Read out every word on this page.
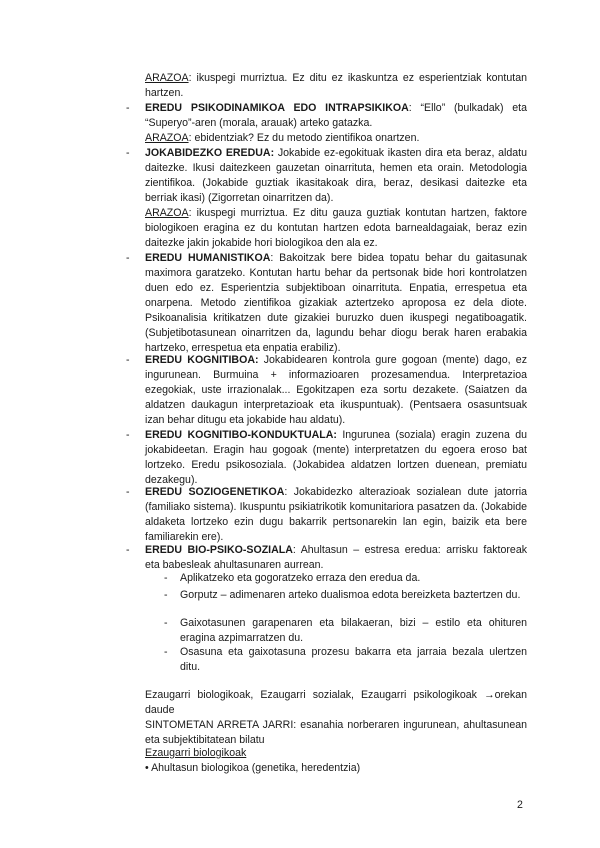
ARAZOA: ikuspegi murriztua. Ez ditu ez ikaskuntza ez esperientziak kontutan hartzen.

-	EREDU PSIKODINAMIKOA EDO INTRAPSIKIKOA: “Ello” (bulkadak) eta “Superyo”-aren (morala, arauak) arteko gatazka.

ARAZOA: ebidentziak? Ez du metodo zientifikoa onartzen.

-	JOKABIDEZKO EREDUA: Jokabide ez-egokituak ikasten dira eta beraz, aldatu daitezke. Ikusi daitezkeen gauzetan oinarrituta, hemen eta orain. Metodologia zientifikoa. (Jokabide guztiak ikasitakoak dira, beraz, desikasi daitezke eta berriak ikasi) (Zigorretan oinarritzen da).

ARAZOA: ikuspegi murriztua. Ez ditu gauza guztiak kontutan hartzen, faktore biologikoen eragina ez du kontutan hartzen edota barnealdagaiak, beraz ezin daitezke jakin jokabide hori biologikoa den ala ez.

-	EREDU HUMANISTIKOA: Bakoitzak bere bidea topatu behar du gaitasunak maximora garatzeko. Kontutan hartu behar da pertsonak bide hori kontrolatzen duen edo ez. Esperientzia subjektiboan oinarrituta. Enpatia, errespetua eta onarpena. Metodo zientifikoa gizakiak aztertzeko aproposa ez dela diote. Psikoanalisia kritikatzen dute gizakiei buruzko duen ikuspegi negatiboagatik. (Subjetibotasunean oinarritzen da, lagundu behar diogu berak haren erabakia hartzeko, errespetua eta enpatia erabiliz).

-	EREDU KOGNITIBOA: Jokabidearen kontrola gure gogoan (mente) dago, ez ingurunean. Burmuina + informazioaren prozesamendua. Interpretazioa ezegokiak, uste irrazionalak... Egokitzapen eza sortu dezakete. (Saiatzen da aldatzen daukagun interpretazioak eta ikuspuntuak). (Pentsaera osasuntsuak izan behar ditugu eta jokabide hau aldatu).

-	EREDU KOGNITIBO-KONDUKTUALA: Ingurunea (soziala) eragin zuzena du jokabideetan. Eragin hau gogoak (mente) interpretatzen du egoera eroso bat lortzeko. Eredu psikosoziala. (Jokabidea aldatzen lortzen duenean, premiatu dezakegu).

-	EREDU SOZIOGENETIKOA: Jokabidezko alterazioak sozialean dute jatorria (familiako sistema). Ikuspuntu psikiatrikotik komunitariora pasatzen da. (Jokabide aldaketa lortzeko ezin dugu bakarrik pertsonarekin lan egin, baizik eta bere familiarekin ere).

-	EREDU BIO-PSIKO-SOZIALA: Ahultasun – estresa eredua: arrisku faktoreak eta babesleak ahultasunaren aurrean.

-	Aplikatzeko eta gogoratzeko erraza den eredua da.

-	Gorputz – adimenaren arteko dualismoa edota bereizketa baztertzen du.

-	Gaixotasunen garapenaren eta bilakaeran, bizi – estilo eta ohituren eragina azpimarratzen du.

-	Osasuna eta gaixotasuna prozesu bakarra eta jarraia bezala ulertzen ditu.

Ezaugarri biologikoak, Ezaugarri sozialak, Ezaugarri psikologikoak →orekan daude

SINTOMETAN ARRETA JARRI: esanahia norberaren ingurunean, ahultasunean eta subjektibitatean bilatu

Ezaugarri biologikoak

• Ahultasun biologikoa (genetika, heredentzia)

2
